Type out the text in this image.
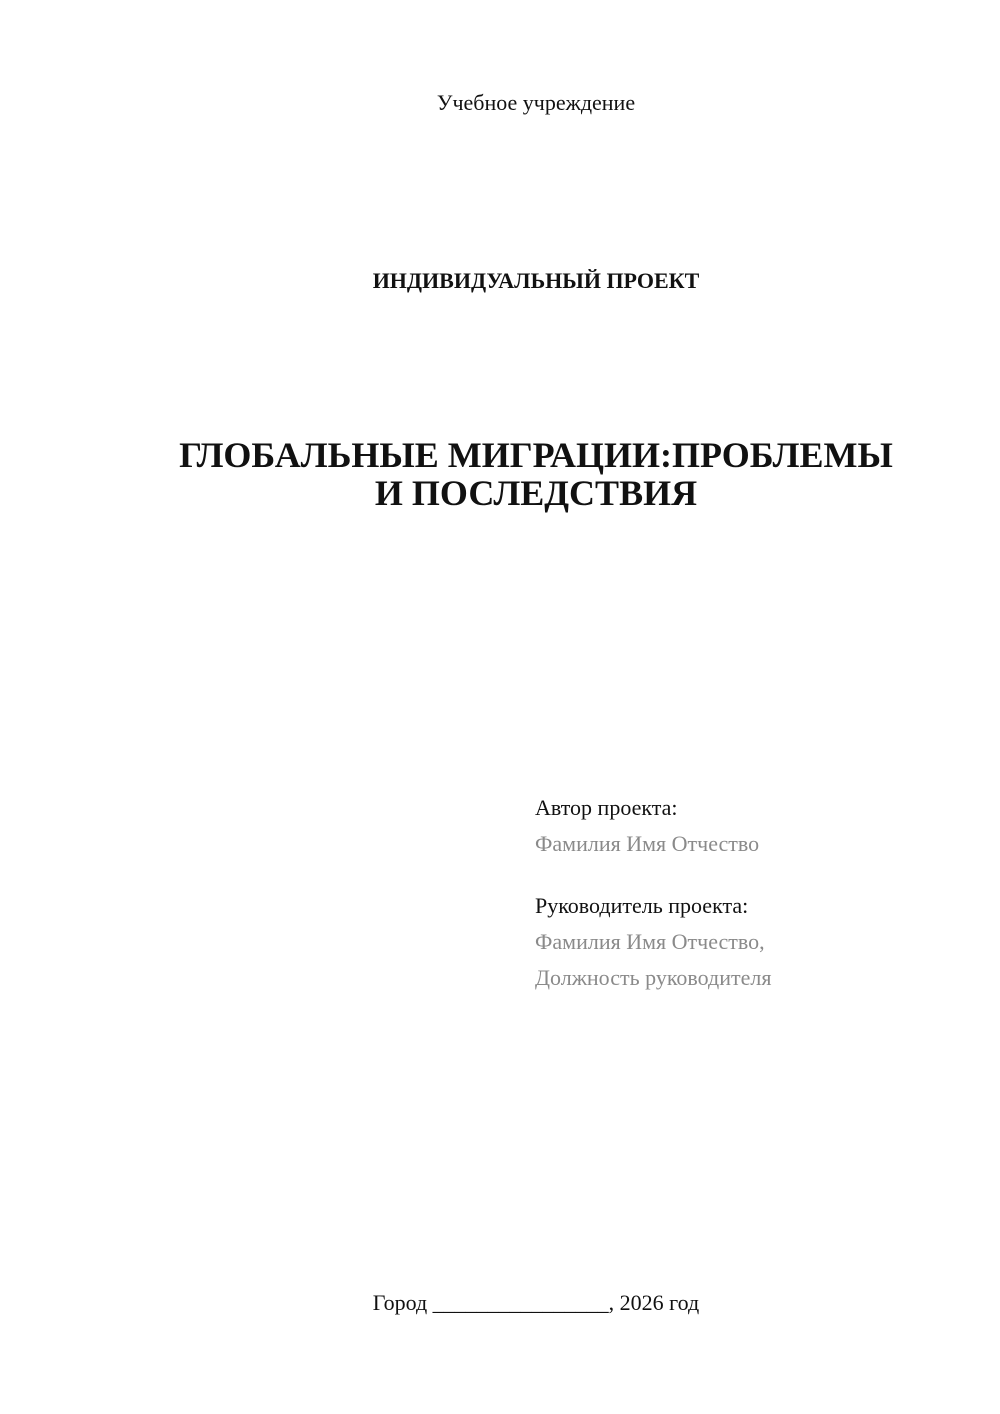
Учебное учреждение
ИНДИВИДУАЛЬНЫЙ ПРОЕКТ
ГЛОБАЛЬНЫЕ МИГРАЦИИ:ПРОБЛЕМЫ
И ПОСЛЕДСТВИЯ
Автор проекта:
Фамилия Имя Отчество
Руководитель проекта:
Фамилия Имя Отчество,
Должность руководителя
Город ________________, 2026 год
